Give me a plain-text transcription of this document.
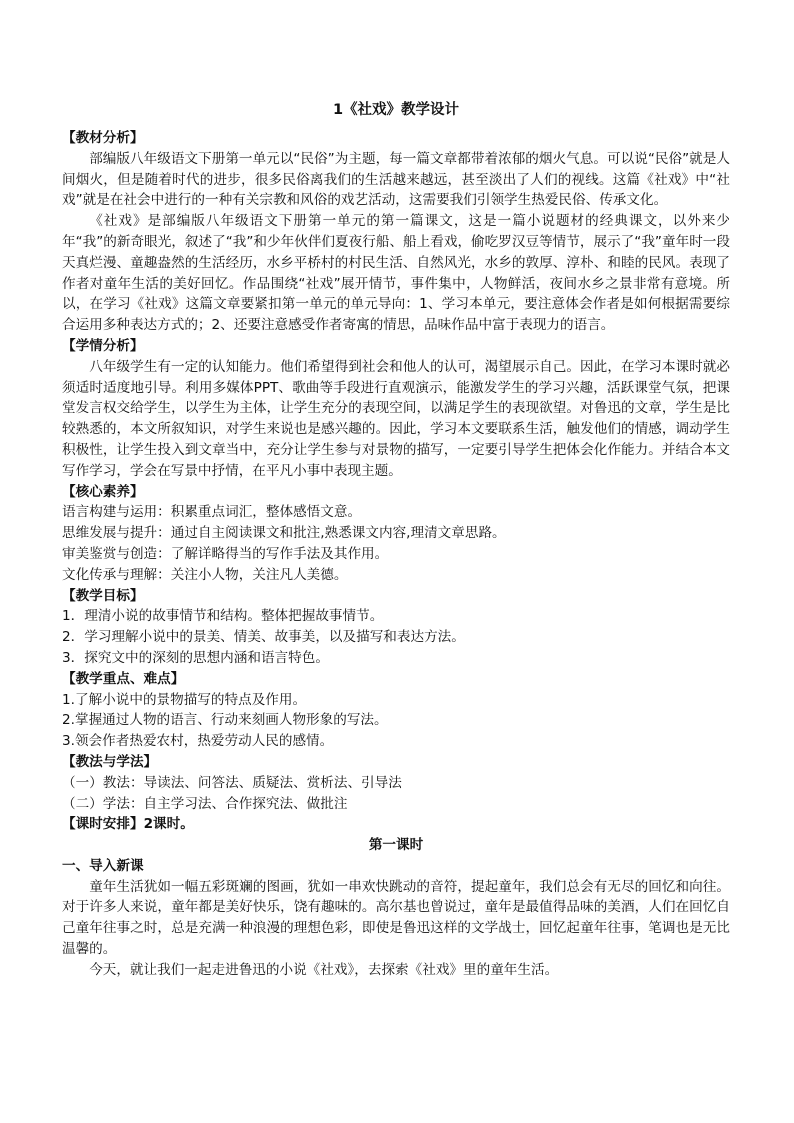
1《社戏》教学设计
【教材分析】

部编版八年级语文下册第一单元以“民俗”为主题，每一篇文章都带着浓郁的烟火气息。可以说“民俗”就是人间烟火，但是随着时代的进步，很多民俗离我们的生活越来越远，甚至淡出了人们的视线。这篇《社戏》中“社戏”就是在社会中进行的一种有关宗教和风俗的戏艺活动，这需要我们引领学生热爱民俗、传承文化。

《社戏》是部编版八年级语文下册第一单元的第一篇课文，这是一篇小说题材的经典课文，以外来少年“我”的新奇眼光，叙述了“我”和少年伙伴们夏夜行船、船上看戏，偷吃罗汉豆等情节，展示了“我”童年时一段天真烂漫、童趣盎然的生活经历，水乡平桥村的村民生活、自然风光，水乡的敦厚、淳朴、和睦的民风。表现了作者对童年生活的美好回忆。作品围绕“社戏”展开情节，事件集中，人物鲜活，夜间水乡之景非常有意境。所以，在学习《社戏》这篇文章要紧扣第一单元的单元导向：1、学习本单元，要注意体会作者是如何根据需要综合运用多种表达方式的；2、还要注意感受作者寄寓的情思，品味作品中富于表现力的语言。

【学情分析】

八年级学生有一定的认知能力。他们希望得到社会和他人的认可，渴望展示自己。因此，在学习本课时就必须适时适度地引导。利用多媒体PPT、歌曲等手段进行直观演示，能激发学生的学习兴趣，活跃课堂气氛，把课堂发言权交给学生，以学生为主体，让学生充分的表现空间，以满足学生的表现欲望。对鲁迅的文章，学生是比较熟悉的，本文所叙知识，对学生来说也是感兴趣的。因此，学习本文要联系生活，触发他们的情感，调动学生积极性，让学生投入到文章当中，充分让学生参与对景物的描写，一定要引导学生把体会化作能力。并结合本文写作学习，学会在写景中抒情，在平凡小事中表现主题。

【核心素养】

语言构建与运用：积累重点词汇，整体感悟文意。

思维发展与提升：通过自主阅读课文和批注,熟悉课文内容,理清文章思路。

审美鉴赏与创造：了解详略得当的写作手法及其作用。

文化传承与理解：关注小人物，关注凡人美德。

【教学目标】

1．理清小说的故事情节和结构。整体把握故事情节。

2．学习理解小说中的景美、情美、故事美，以及描写和表达方法。

3．探究文中的深刻的思想内涵和语言特色。

【教学重点、难点】

1.了解小说中的景物描写的特点及作用。

2.掌握通过人物的语言、行动来刻画人物形象的写法。

3.领会作者热爱农村，热爱劳动人民的感情。

【教法与学法】

（一）教法：导读法、问答法、质疑法、赏析法、引导法

（二）学法：自主学习法、合作探究法、做批注

【课时安排】2课时。

第一课时
一、导入新课

童年生活犹如一幅五彩斑斓的图画，犹如一串欢快跳动的音符，提起童年，我们总会有无尽的回忆和向往。对于许多人来说，童年都是美好快乐，饶有趣味的。高尔基也曾说过，童年是最值得品味的美酒，人们在回忆自己童年往事之时，总是充满一种浪漫的理想色彩，即使是鲁迅这样的文学战士，回忆起童年往事，笔调也是无比温馨的。

今天，就让我们一起走进鲁迅的小说《社戏》，去探索《社戏》里的童年生活。
